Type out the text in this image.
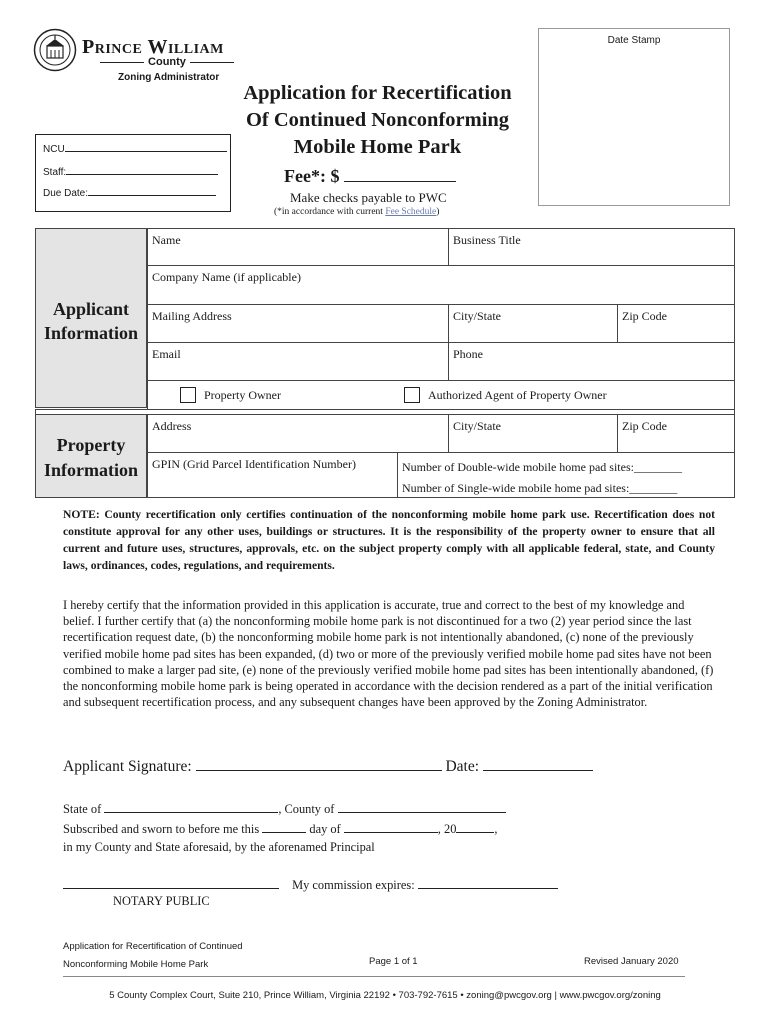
Prince William
County
Zoning Administrator
Date Stamp
Application for Recertification
Of Continued Nonconforming
Mobile Home Park
Fee*: $
Make checks payable to PWC
(*in accordance with current Fee Schedule)
NCU
Staff:
Due Date:
Applicant
Information
Name	Business Title
Company Name (if applicable)
Mailing Address	City/State	Zip Code
Email	Phone
Property Owner	Authorized Agent of Property Owner
Property
Information
Address	City/State	Zip Code
GPIN (Grid Parcel Identification Number)	Number of Double-wide mobile home pad sites:________
Number of Single-wide mobile home pad sites:________
NOTE: County recertification only certifies continuation of the nonconforming mobile home park use. Recertification does not constitute approval for any other uses, buildings or structures. It is the responsibility of the property owner to ensure that all current and future uses, structures, approvals, etc. on the subject property comply with all applicable federal, state, and County laws, ordinances, codes, regulations, and requirements.
I hereby certify that the information provided in this application is accurate, true and correct to the best of my knowledge and belief. I further certify that (a) the nonconforming mobile home park is not discontinued for a two (2) year period since the last recertification request date, (b) the nonconforming mobile home park is not intentionally abandoned, (c) none of the previously verified mobile home pad sites has been expanded, (d) two or more of the previously verified mobile home pad sites have not been combined to make a larger pad site, (e) none of the previously verified mobile home pad sites has been intentionally abandoned, (f) the nonconforming mobile home park is being operated in accordance with the decision rendered as a part of the initial verification and subsequent recertification process, and any subsequent changes have been approved by the Zoning Administrator.
Applicant Signature:	Date:
State of	, County of
Subscribed and sworn to before me this	day of	, 20	,
in my County and State aforesaid, by the aforenamed Principal
My commission expires:
NOTARY PUBLIC
Application for Recertification of Continued
Nonconforming Mobile Home Park	Page 1 of 1	Revised January 2020
5 County Complex Court, Suite 210, Prince William, Virginia 22192 • 703-792-7615 • zoning@pwcgov.org | www.pwcgov.org/zoning
